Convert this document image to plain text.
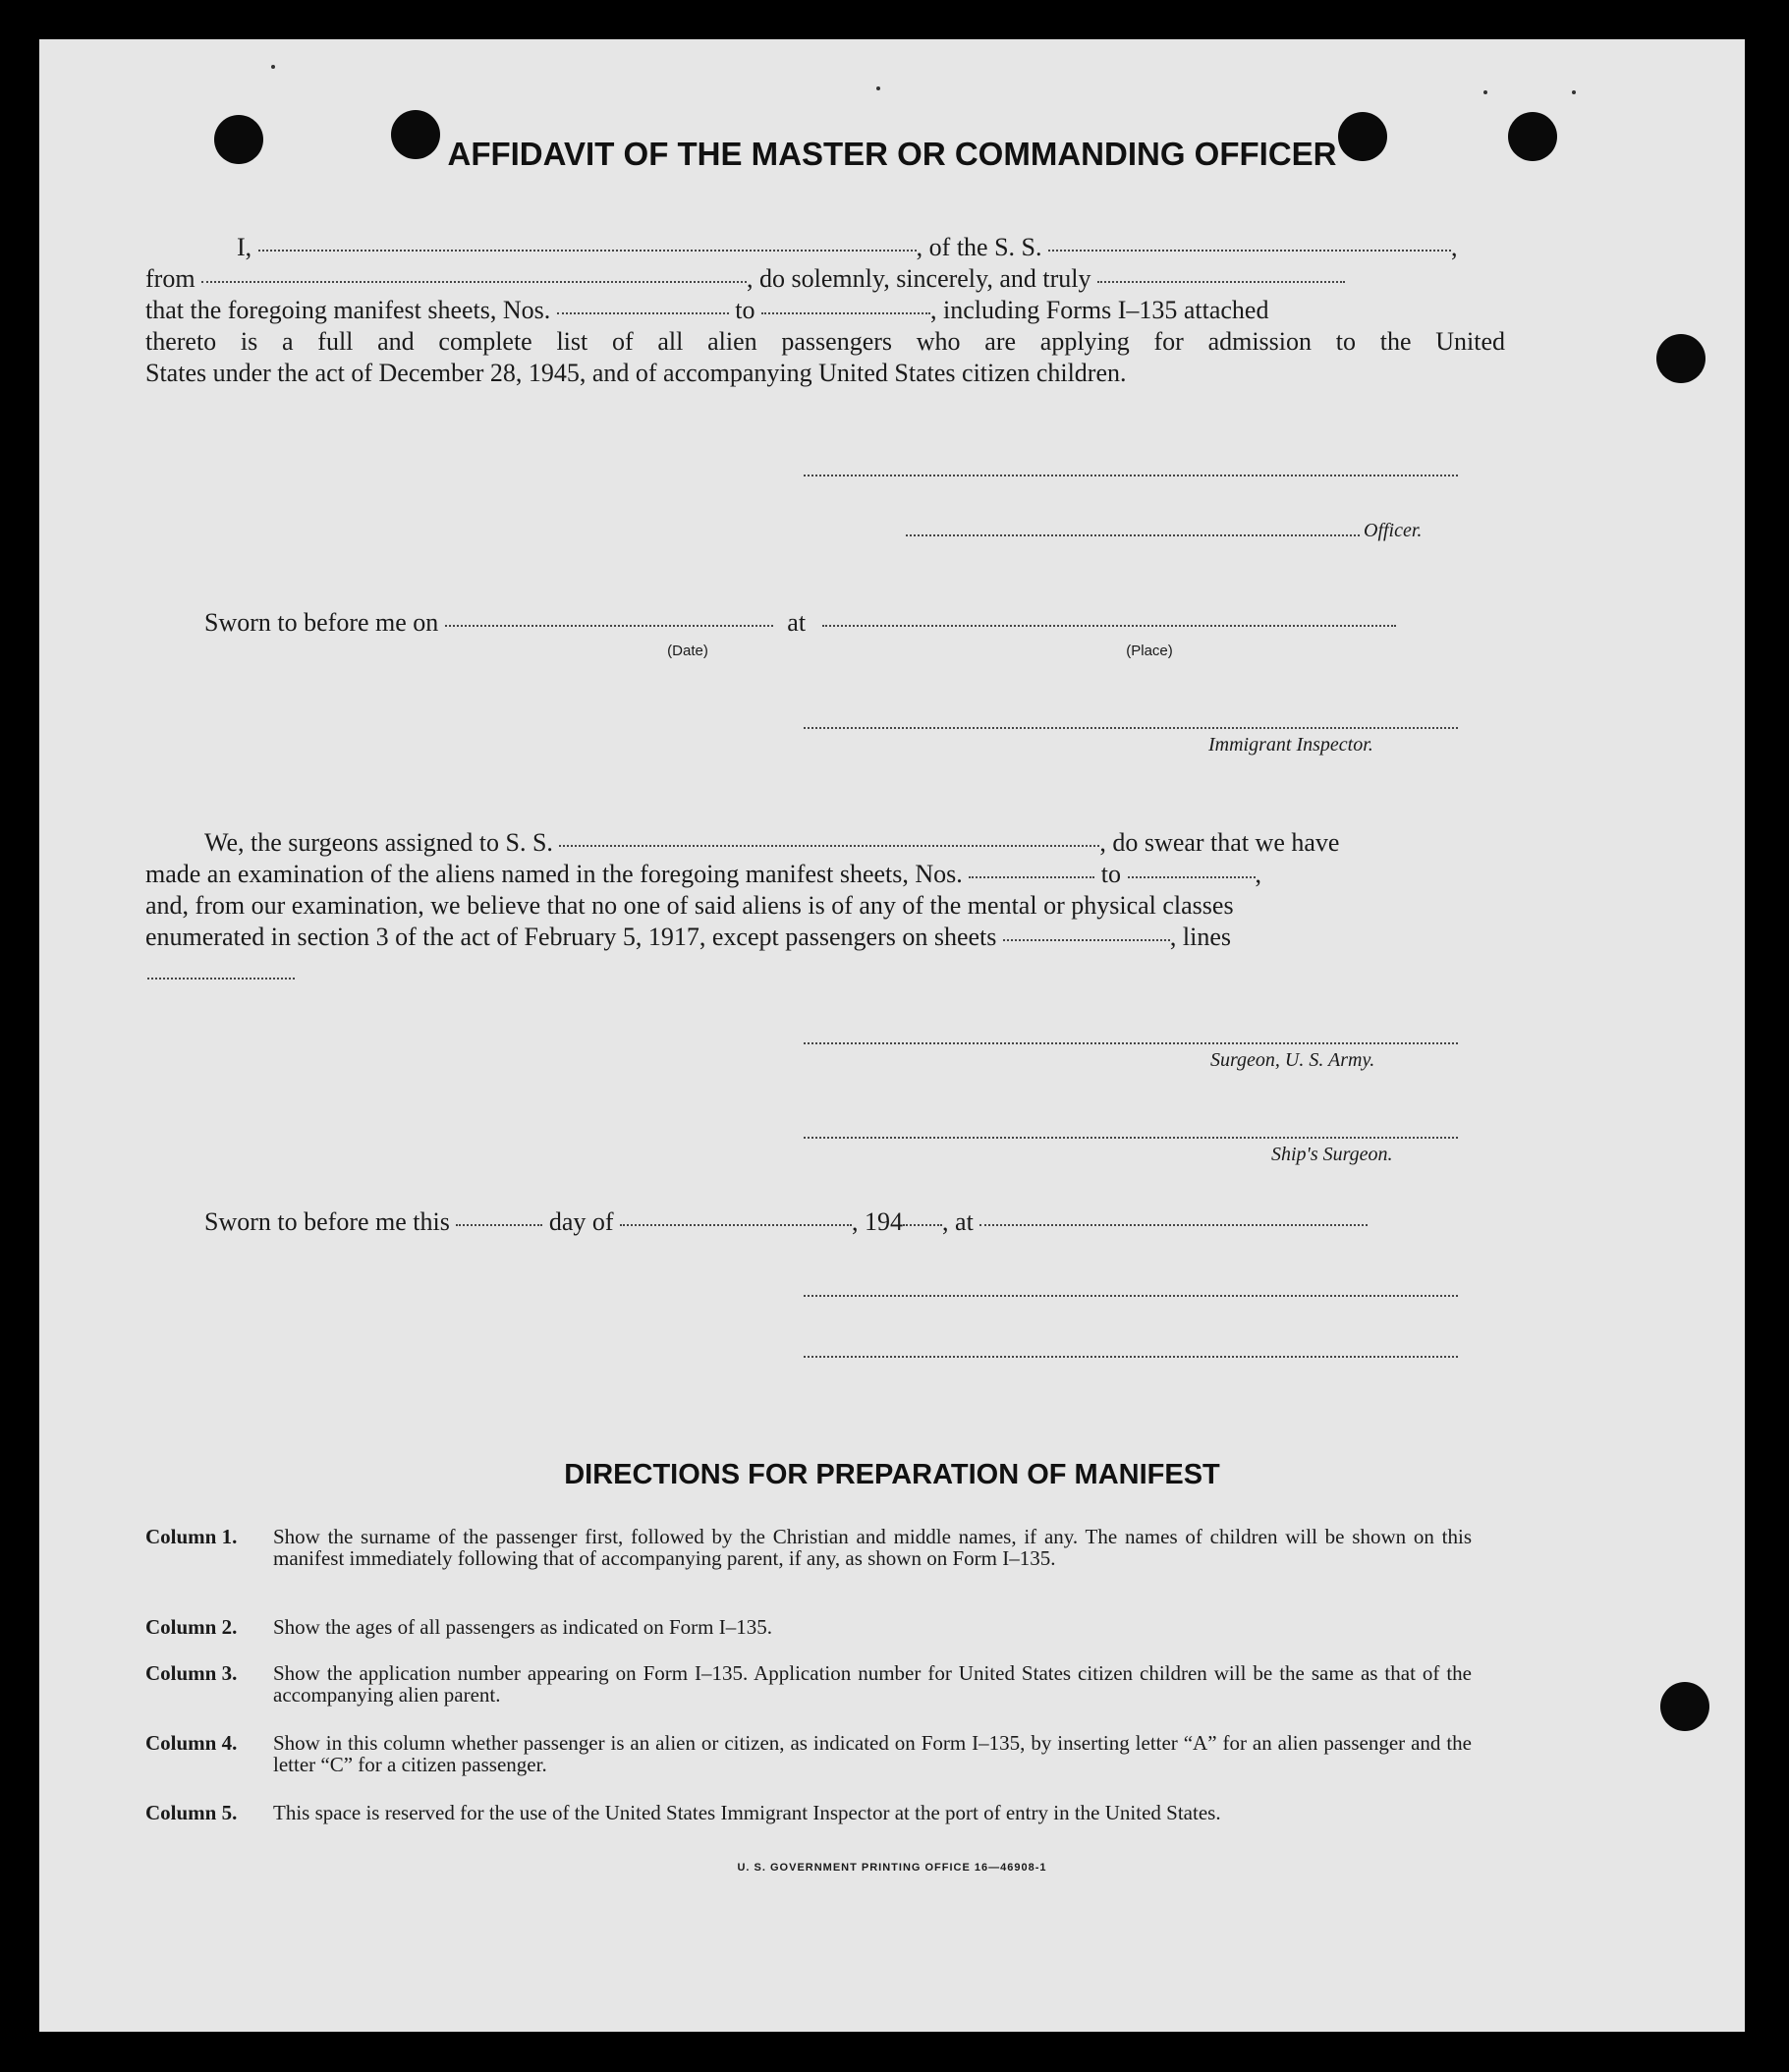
AFFIDAVIT OF THE MASTER OR COMMANDING OFFICER
I,	, of the S. S.	,
from	, do solemnly, sincerely, and truly
that the foregoing manifest sheets, Nos.	to	, including Forms I–135 attached
thereto is a full and complete list of all alien passengers who are applying for admission to the United
States under the act of December 28, 1945, and of accompanying United States citizen children.
Officer.
Sworn to before me on	at
(Date)	(Place)
Immigrant Inspector.
We, the surgeons assigned to S. S.	, do swear that we have
made an examination of the aliens named in the foregoing manifest sheets, Nos.	to	,
and, from our examination, we believe that no one of said aliens is of any of the mental or physical classes
enumerated in section 3 of the act of February 5, 1917, except passengers on sheets	, lines
Surgeon, U. S. Army.
Ship's Surgeon.
Sworn to before me this	day of	, 194 , at
DIRECTIONS FOR PREPARATION OF MANIFEST
Column 1. Show the surname of the passenger first, followed by the Christian and middle names, if any. The names of children will be shown on this manifest immediately following that of accompanying parent, if any, as shown on Form I–135.
Column 2. Show the ages of all passengers as indicated on Form I–135.
Column 3. Show the application number appearing on Form I–135. Application number for United States citizen children will be the same as that of the accompanying alien parent.
Column 4. Show in this column whether passenger is an alien or citizen, as indicated on Form I–135, by inserting letter “A” for an alien passenger and the letter “C” for a citizen passenger.
Column 5. This space is reserved for the use of the United States Immigrant Inspector at the port of entry in the United States.
U. S. GOVERNMENT PRINTING OFFICE 16—46908-1
